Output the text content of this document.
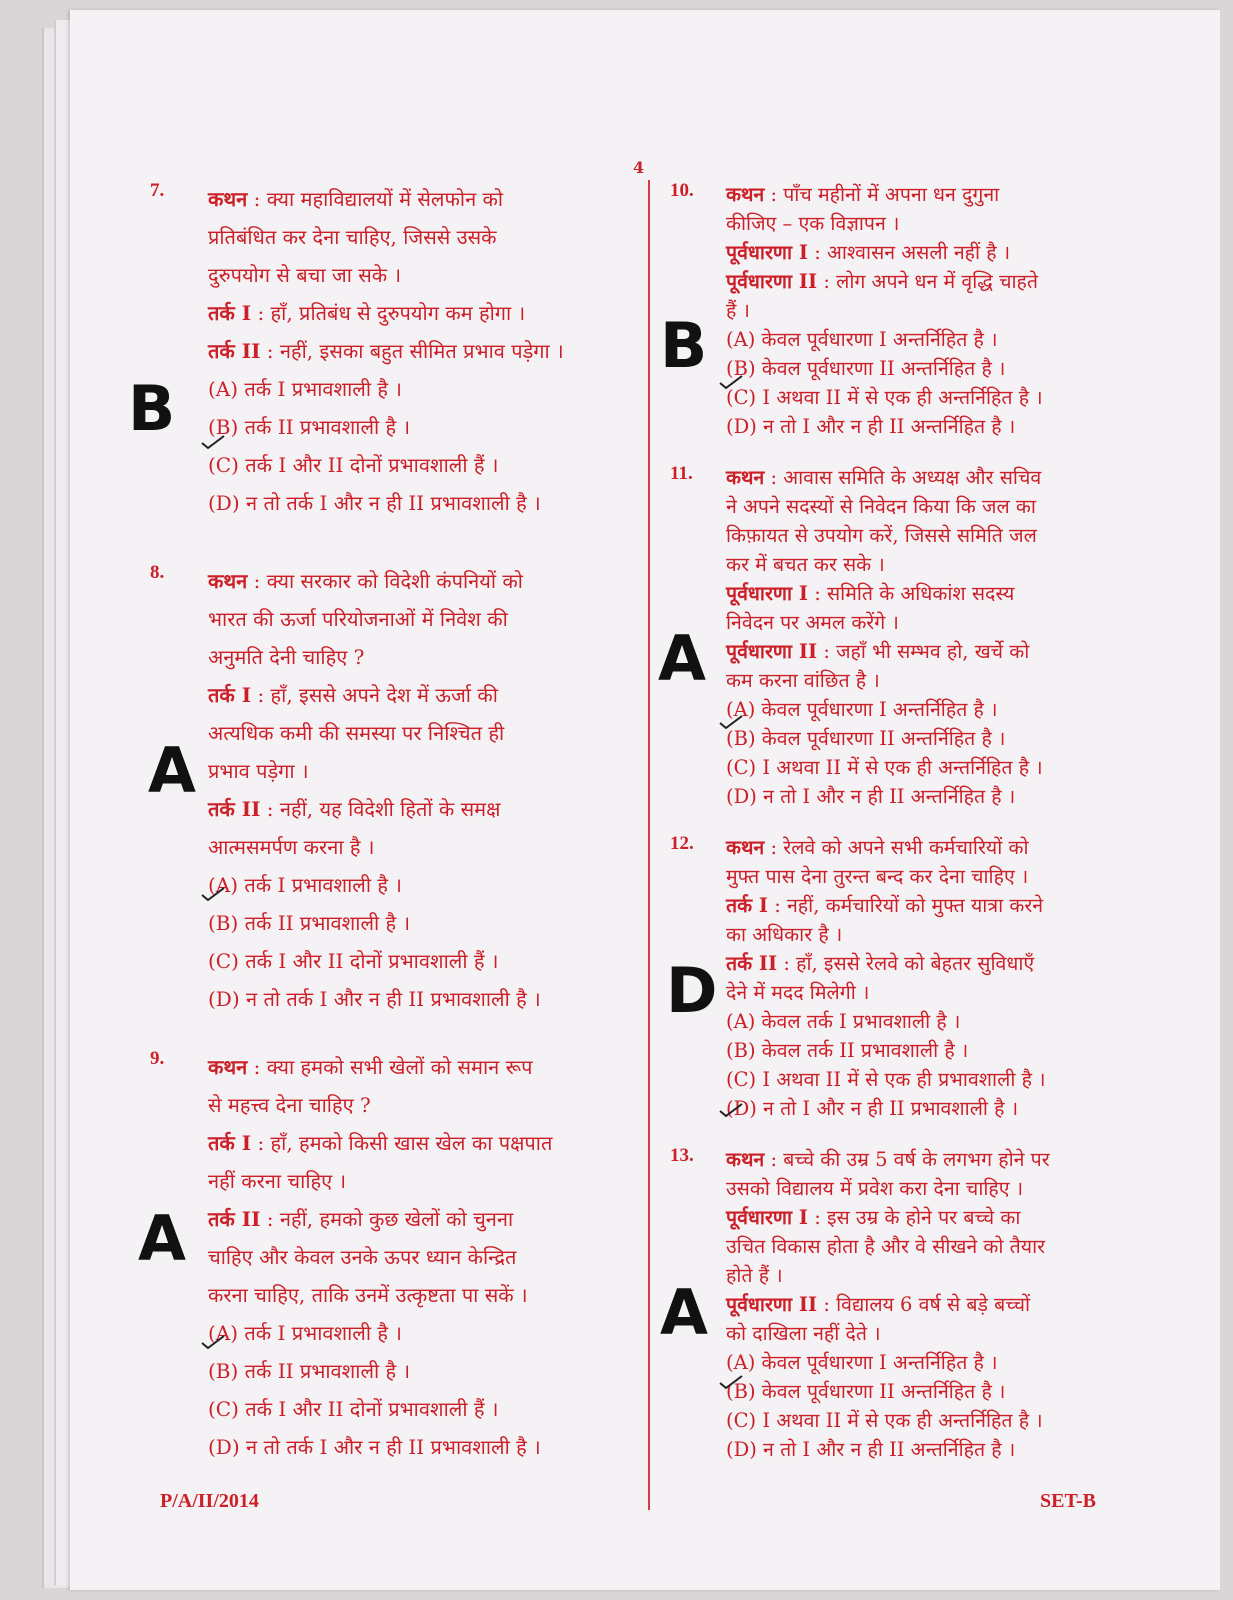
4
7. कथन : क्या महाविद्यालयों में सेलफोन को
प्रतिबंधित कर देना चाहिए, जिससे उसके
दुरुपयोग से बचा जा सके ।
तर्क I : हाँ, प्रतिबंध से दुरुपयोग कम होगा ।
तर्क II : नहीं, इसका बहुत सीमित प्रभाव पड़ेगा ।
(A) तर्क I प्रभावशाली है ।
(B) तर्क II प्रभावशाली है ।
(C) तर्क I और II दोनों प्रभावशाली हैं ।
(D) न तो तर्क I और न ही II प्रभावशाली है ।
8. कथन : क्या सरकार को विदेशी कंपनियों को
भारत की ऊर्जा परियोजनाओं में निवेश की
अनुमति देनी चाहिए ?
तर्क I : हाँ, इससे अपने देश में ऊर्जा की
अत्यधिक कमी की समस्या पर निश्चित ही
प्रभाव पड़ेगा ।
तर्क II : नहीं, यह विदेशी हितों के समक्ष
आत्मसमर्पण करना है ।
(A) तर्क I प्रभावशाली है ।
(B) तर्क II प्रभावशाली है ।
(C) तर्क I और II दोनों प्रभावशाली हैं ।
(D) न तो तर्क I और न ही II प्रभावशाली है ।
9. कथन : क्या हमको सभी खेलों को समान रूप
से महत्त्व देना चाहिए ?
तर्क I : हाँ, हमको किसी खास खेल का पक्षपात
नहीं करना चाहिए ।
तर्क II : नहीं, हमको कुछ खेलों को चुनना
चाहिए और केवल उनके ऊपर ध्यान केन्द्रित
करना चाहिए, ताकि उनमें उत्कृष्टता पा सकें ।
(A) तर्क I प्रभावशाली है ।
(B) तर्क II प्रभावशाली है ।
(C) तर्क I और II दोनों प्रभावशाली हैं ।
(D) न तो तर्क I और न ही II प्रभावशाली है ।
10. कथन : पाँच महीनों में अपना धन दुगुना
कीजिए – एक विज्ञापन ।
पूर्वधारणा I : आश्वासन असली नहीं है ।
पूर्वधारणा II : लोग अपने धन में वृद्धि चाहते
हैं ।
(A) केवल पूर्वधारणा I अन्तर्निहित है ।
(B) केवल पूर्वधारणा II अन्तर्निहित है ।
(C) I अथवा II में से एक ही अन्तर्निहित है ।
(D) न तो I और न ही II अन्तर्निहित है ।
11. कथन : आवास समिति के अध्यक्ष और सचिव
ने अपने सदस्यों से निवेदन किया कि जल का
किफ़ायत से उपयोग करें, जिससे समिति जल
कर में बचत कर सके ।
पूर्वधारणा I : समिति के अधिकांश सदस्य
निवेदन पर अमल करेंगे ।
पूर्वधारणा II : जहाँ भी सम्भव हो, खर्चे को
कम करना वांछित है ।
(A) केवल पूर्वधारणा I अन्तर्निहित है ।
(B) केवल पूर्वधारणा II अन्तर्निहित है ।
(C) I अथवा II में से एक ही अन्तर्निहित है ।
(D) न तो I और न ही II अन्तर्निहित है ।
12. कथन : रेलवे को अपने सभी कर्मचारियों को
मुफ्त पास देना तुरन्त बन्द कर देना चाहिए ।
तर्क I : नहीं, कर्मचारियों को मुफ्त यात्रा करने
का अधिकार है ।
तर्क II : हाँ, इससे रेलवे को बेहतर सुविधाएँ
देने में मदद मिलेगी ।
(A) केवल तर्क I प्रभावशाली है ।
(B) केवल तर्क II प्रभावशाली है ।
(C) I अथवा II में से एक ही प्रभावशाली है ।
(D) न तो I और न ही II प्रभावशाली है ।
13. कथन : बच्चे की उम्र 5 वर्ष के लगभग होने पर
उसको विद्यालय में प्रवेश करा देना चाहिए ।
पूर्वधारणा I : इस उम्र के होने पर बच्चे का
उचित विकास होता है और वे सीखने को तैयार
होते हैं ।
पूर्वधारणा II : विद्यालय 6 वर्ष से बड़े बच्चों
को दाखिला नहीं देते ।
(A) केवल पूर्वधारणा I अन्तर्निहित है ।
(B) केवल पूर्वधारणा II अन्तर्निहित है ।
(C) I अथवा II में से एक ही अन्तर्निहित है ।
(D) न तो I और न ही II अन्तर्निहित है ।
P/A/II/2014	SET-B
B
A
A
B
A
D
A
